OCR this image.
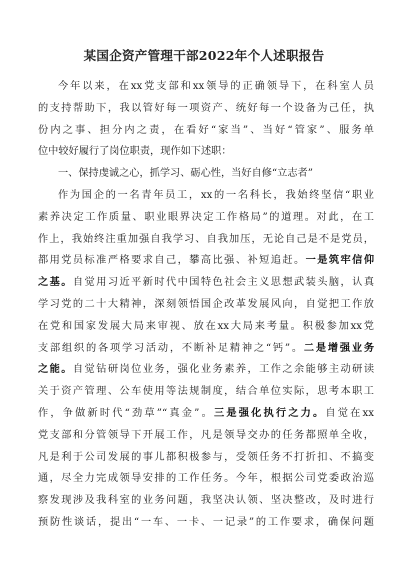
某国企资产管理干部2022年个人述职报告
今年以来，在xx党支部和xx领导的正确领导下，在科室人员
的支持帮助下，我以管好每一项资产、统好每一个设备为己任，执
份内之事、担分内之责，在看好“家当”、当好“管家”、服务单
位中较好履行了岗位职责，现作如下述职：
一、保持虔诚之心，抓学习、砺心性，当好自修“立志者”
作为国企的一名青年员工，xx的一名科长，我始终坚信“职业
素养决定工作质量、职业眼界决定工作格局”的道理。对此，在工
作上，我始终注重加强自我学习、自我加压，无论自己是不是党员，
都用党员标准严格要求自己，攀高比强、补短追赶。一是筑牢信仰
之基。自觉用习近平新时代中国特色社会主义思想武装头脑，认真
学习党的二十大精神，深刻领悟国企改革发展风向，自觉把工作放
在党和国家发展大局来审视、放在xx大局来考量。积极参加xx党
支部组织的各项学习活动，不断补足精神之“钙”。二是增强业务
之能。自觉钻研岗位业务，强化业务素养，工作之余能够主动研读
关于资产管理、公车使用等法规制度，结合单位实际，思考本职工
作，争做新时代“劲草”“真金”。三是强化执行之力。自觉在xx
党支部和分管领导下开展工作，凡是领导交办的任务都照单全收，
凡是利于公司发展的事儿都积极参与，受领任务不打折扣、不搞变
通，尽全力完成领导安排的工作任务。今年，根据公司党委政治巡
察发现涉及我科室的业务问题，我坚决认领、坚决整改，及时进行
预防性谈话，提出“一车、一卡、一记录”的工作要求，确保问题
